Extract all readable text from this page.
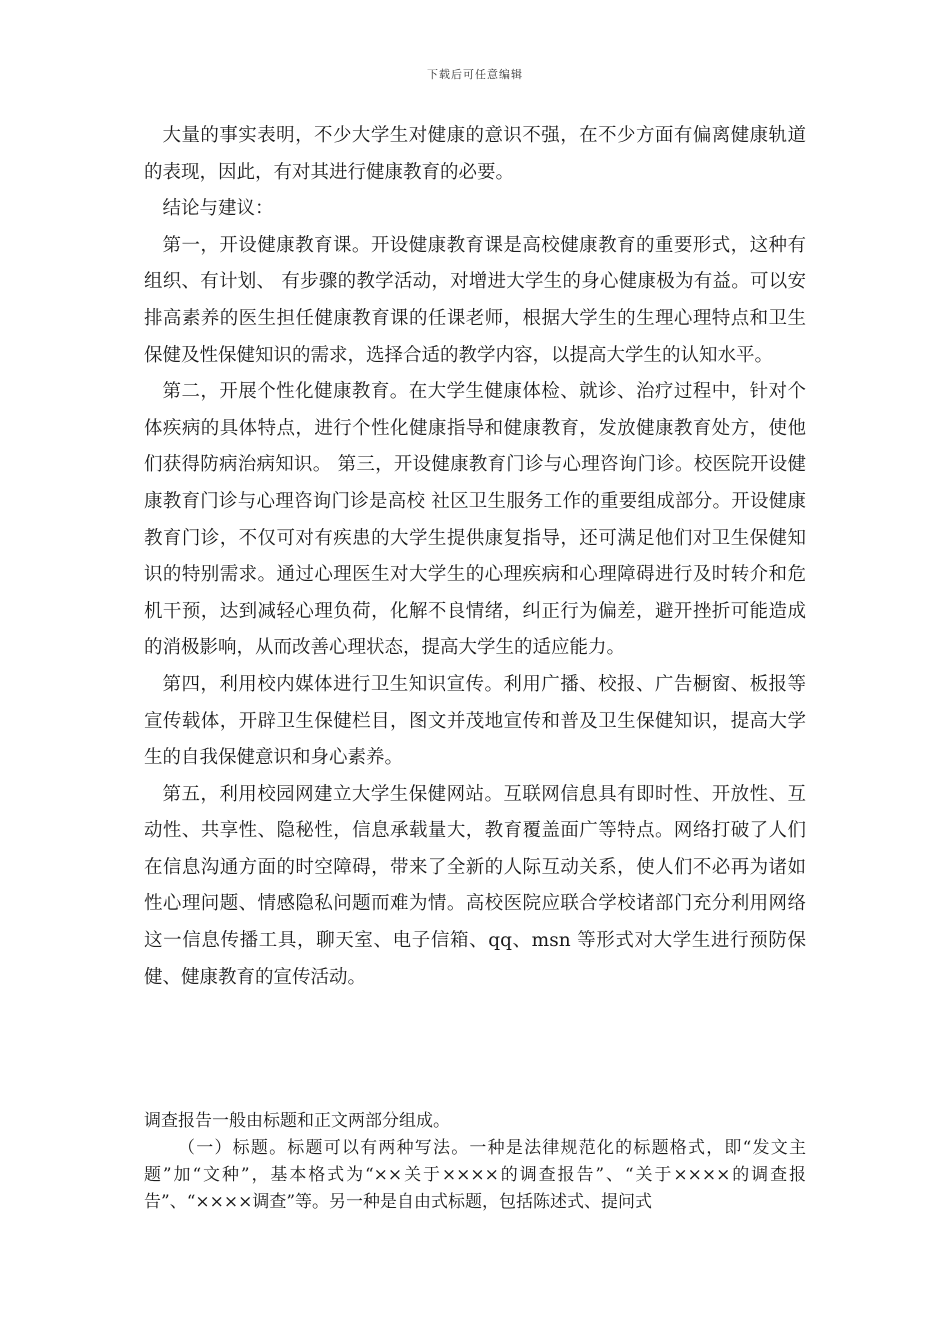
下载后可任意编辑

大量的事实表明，不少大学生对健康的意识不强，在不少方面有偏离健康轨道的表现，因此，有对其进行健康教育的必要。

结论与建议：

第一，开设健康教育课。开设健康教育课是高校健康教育的重要形式，这种有组织、有计划、 有步骤的教学活动，对增进大学生的身心健康极为有益。可以安排高素养的医生担任健康教育课的任课老师，根据大学生的生理心理特点和卫生保健及性保健知识的需求，选择合适的教学内容，以提高大学生的认知水平。

第二，开展个性化健康教育。在大学生健康体检、就诊、治疗过程中，针对个体疾病的具体特点，进行个性化健康指导和健康教育，发放健康教育处方，使他们获得防病治病知识。 第三，开设健康教育门诊与心理咨询门诊。校医院开设健康教育门诊与心理咨询门诊是高校 社区卫生服务工作的重要组成部分。开设健康教育门诊，不仅可对有疾患的大学生提供康复指导，还可满足他们对卫生保健知识的特别需求。通过心理医生对大学生的心理疾病和心理障碍进行及时转介和危机干预，达到减轻心理负荷，化解不良情绪，纠正行为偏差，避开挫折可能造成的消极影响，从而改善心理状态，提高大学生的适应能力。

第四，利用校内媒体进行卫生知识宣传。利用广播、校报、广告橱窗、板报等宣传载体，开辟卫生保健栏目，图文并茂地宣传和普及卫生保健知识，提高大学生的自我保健意识和身心素养。

第五，利用校园网建立大学生保健网站。互联网信息具有即时性、开放性、互动性、共享性、隐秘性，信息承载量大，教育覆盖面广等特点。网络打破了人们在信息沟通方面的时空障碍，带来了全新的人际互动关系，使人们不必再为诸如性心理问题、情感隐私问题而难为情。高校医院应联合学校诸部门充分利用网络这一信息传播工具，聊天室、电子信箱、qq、msn 等形式对大学生进行预防保健、健康教育的宣传活动。

调查报告一般由标题和正文两部分组成。

（一）标题。标题可以有两种写法。一种是法律规范化的标题格式，即“发文主题”加“文种”，基本格式为“××关于××××的调查报告”、“关于××××的调查报告”、“××××调查”等。另一种是自由式标题，包括陈述式、提问式
